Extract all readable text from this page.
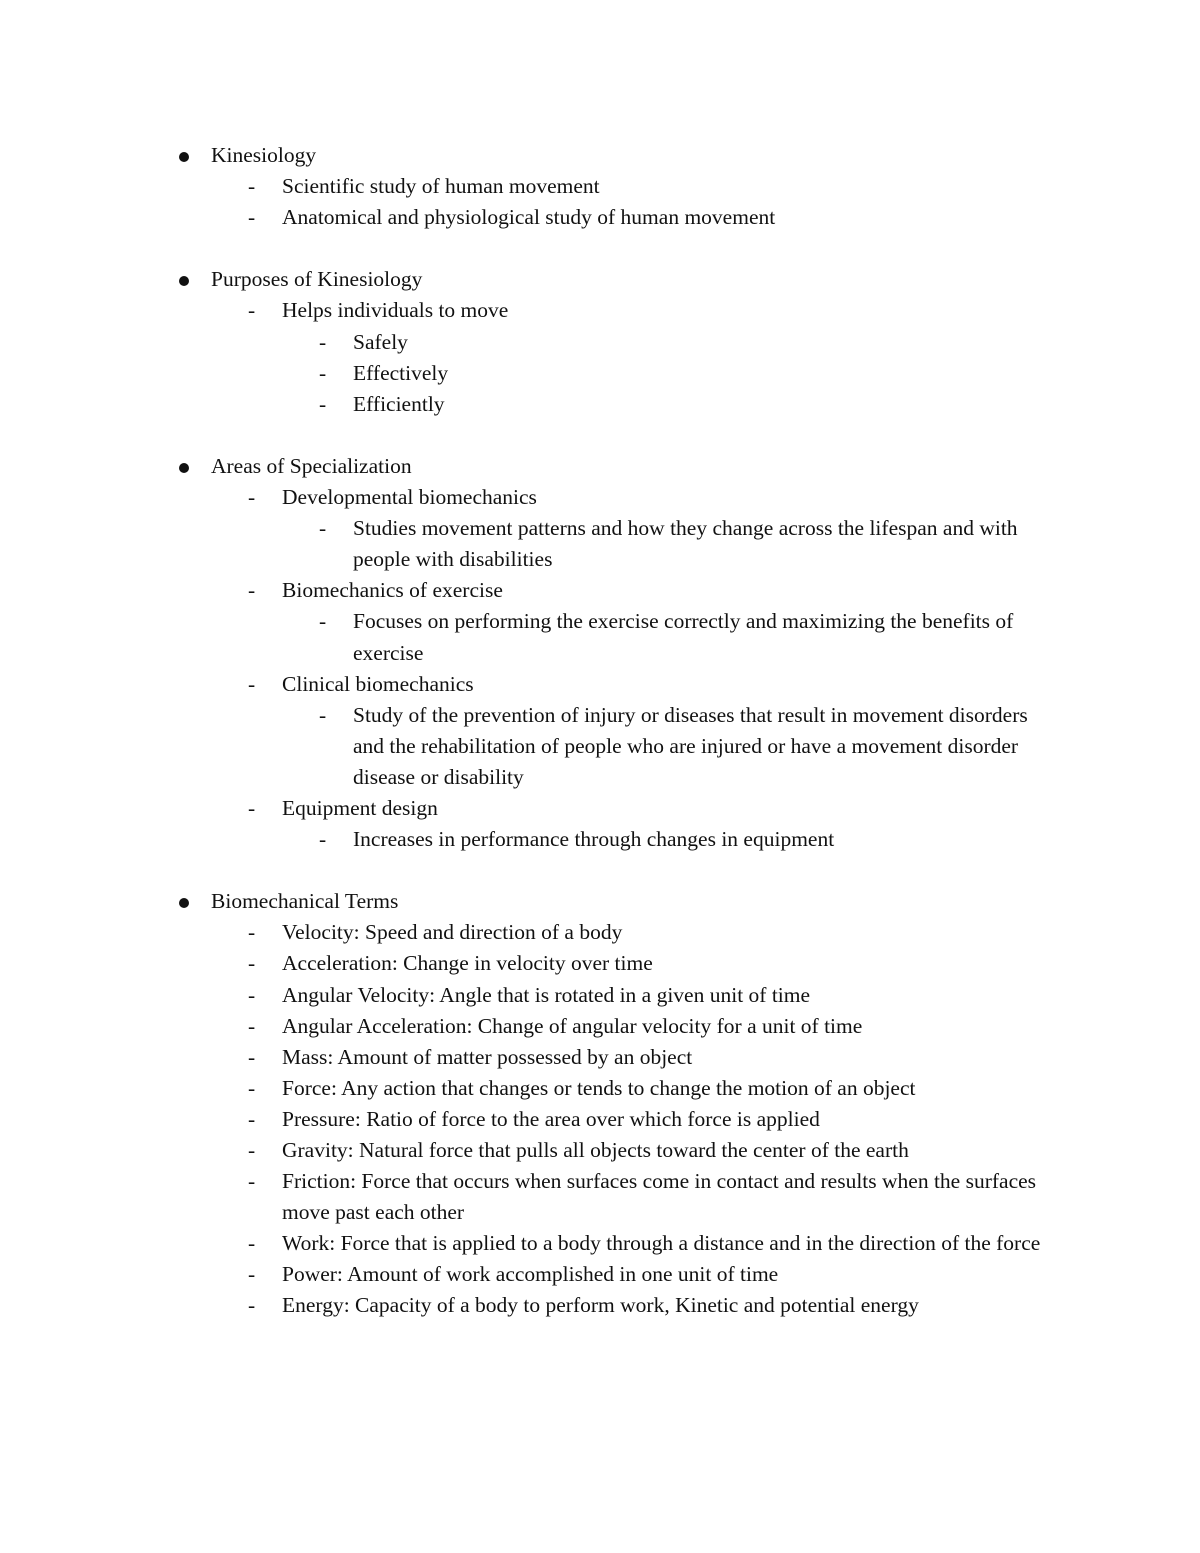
Kinesiology
- Scientific study of human movement
- Anatomical and physiological study of human movement
Purposes of Kinesiology
- Helps individuals to move
- Safely
- Effectively
- Efficiently
Areas of Specialization
- Developmental biomechanics
- Studies movement patterns and how they change across the lifespan and with people with disabilities
- Biomechanics of exercise
- Focuses on performing the exercise correctly and maximizing the benefits of exercise
- Clinical biomechanics
- Study of the prevention of injury or diseases that result in movement disorders and the rehabilitation of people who are injured or have a movement disorder disease or disability
- Equipment design
- Increases in performance through changes in equipment
Biomechanical Terms
- Velocity: Speed and direction of a body
- Acceleration: Change in velocity over time
- Angular Velocity: Angle that is rotated in a given unit of time
- Angular Acceleration: Change of angular velocity for a unit of time
- Mass: Amount of matter possessed by an object
- Force: Any action that changes or tends to change the motion of an object
- Pressure: Ratio of force to the area over which force is applied
- Gravity: Natural force that pulls all objects toward the center of the earth
- Friction: Force that occurs when surfaces come in contact and results when the surfaces move past each other
- Work: Force that is applied to a body through a distance and in the direction of the force
- Power: Amount of work accomplished in one unit of time
- Energy: Capacity of a body to perform work, Kinetic and potential energy
